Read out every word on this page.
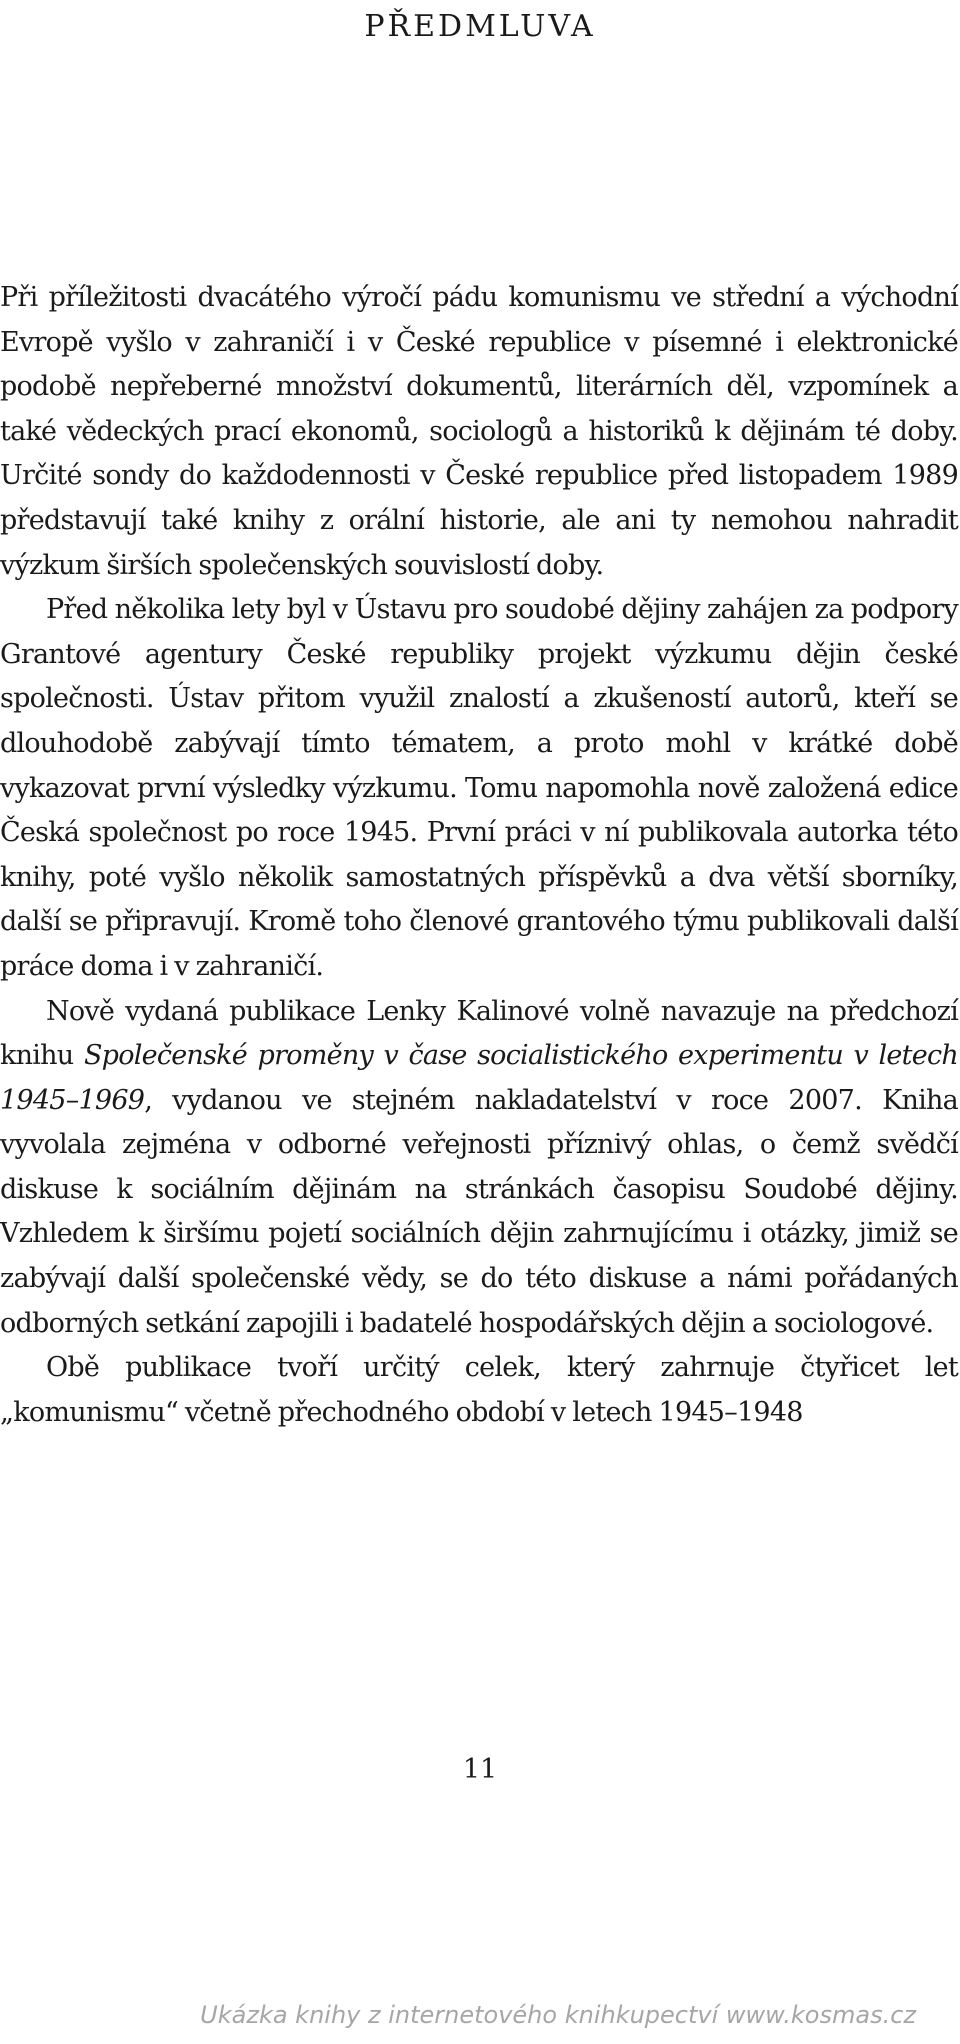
PŘEDMLUVA

Při příležitosti dvacátého výročí pádu komunismu ve střední a východní Evropě vyšlo v zahraničí i v České republice v písemné i elektronické podobě nepřeberné množství dokumentů, literárních děl, vzpomínek a také vědeckých prací ekonomů, sociologů a historiků k dějinám té doby. Určité sondy do každodennosti v České republice před listopadem 1989 představují také knihy z orální historie, ale ani ty nemohou nahradit výzkum širších společenských souvislostí doby.

Před několika lety byl v Ústavu pro soudobé dějiny zahájen za podpory Grantové agentury České republiky projekt výzkumu dějin české společnosti. Ústav přitom využil znalostí a zkušeností autorů, kteří se dlouhodobě zabývají tímto tématem, a proto mohl v krátké době vykazovat první výsledky výzkumu. Tomu napomohla nově založená edice Česká společnost po roce 1945. První práci v ní publikovala autorka této knihy, poté vyšlo několik samostatných příspěvků a dva větší sborníky, další se připravují. Kromě toho členové grantového týmu publikovali další práce doma i v zahraničí.

Nově vydaná publikace Lenky Kalinové volně navazuje na předchozí knihu Společenské proměny v čase socialistického experimentu v letech 1945–1969, vydanou ve stejném nakladatelství v roce 2007. Kniha vyvolala zejména v odborné veřejnosti příznivý ohlas, o čemž svědčí diskuse k sociálním dějinám na stránkách časopisu Soudobé dějiny. Vzhledem k širšímu pojetí sociálních dějin zahrnujícímu i otázky, jimiž se zabývají další společenské vědy, se do této diskuse a námi pořádaných odborných setkání zapojili i badatelé hospodářských dějin a sociologové.

Obě publikace tvoří určitý celek, který zahrnuje čtyřicet let „komunismu“ včetně přechodného období v letech 1945–1948

11
Ukázka knihy z internetového knihkupectví www.kosmas.cz
